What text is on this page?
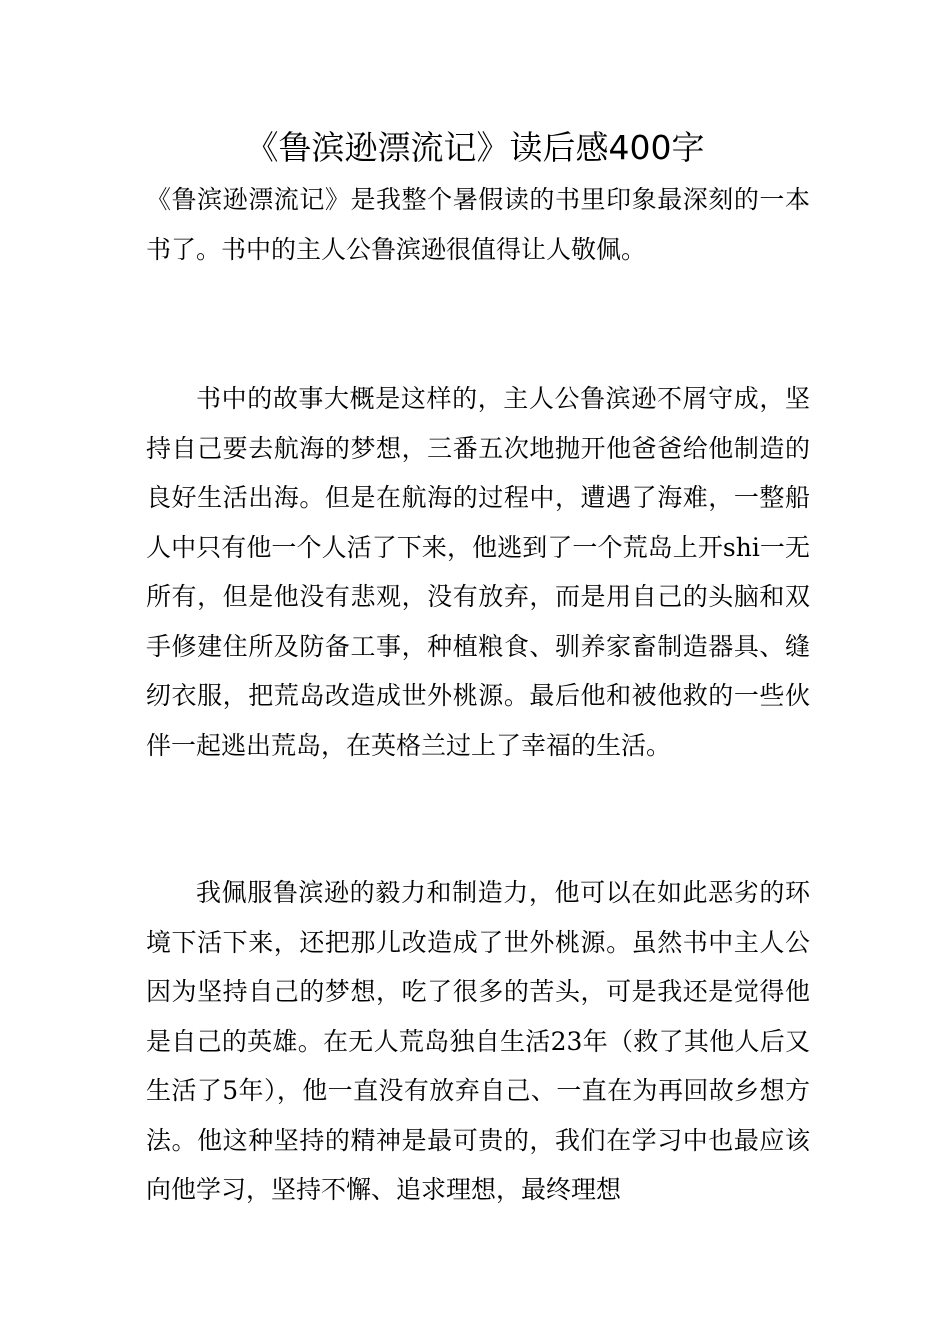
《鲁滨逊漂流记》读后感400字

《鲁滨逊漂流记》是我整个暑假读的书里印象最深刻的一本书了。书中的主人公鲁滨逊很值得让人敬佩。

书中的故事大概是这样的，主人公鲁滨逊不屑守成，坚持自己要去航海的梦想，三番五次地抛开他爸爸给他制造的良好生活出海。但是在航海的过程中，遭遇了海难，一整船人中只有他一个人活了下来，他逃到了一个荒岛上开shi一无所有，但是他没有悲观，没有放弃，而是用自己的头脑和双手修建住所及防备工事，种植粮食、驯养家畜制造器具、缝纫衣服，把荒岛改造成世外桃源。最后他和被他救的一些伙伴一起逃出荒岛，在英格兰过上了幸福的生活。

我佩服鲁滨逊的毅力和制造力，他可以在如此恶劣的环境下活下来，还把那儿改造成了世外桃源。虽然书中主人公因为坚持自己的梦想，吃了很多的苦头，可是我还是觉得他是自己的英雄。在无人荒岛独自生活23年（救了其他人后又生活了5年），他一直没有放弃自己、一直在为再回故乡想方法。他这种坚持的精神是最可贵的，我们在学习中也最应该向他学习，坚持不懈、追求理想，最终理想
